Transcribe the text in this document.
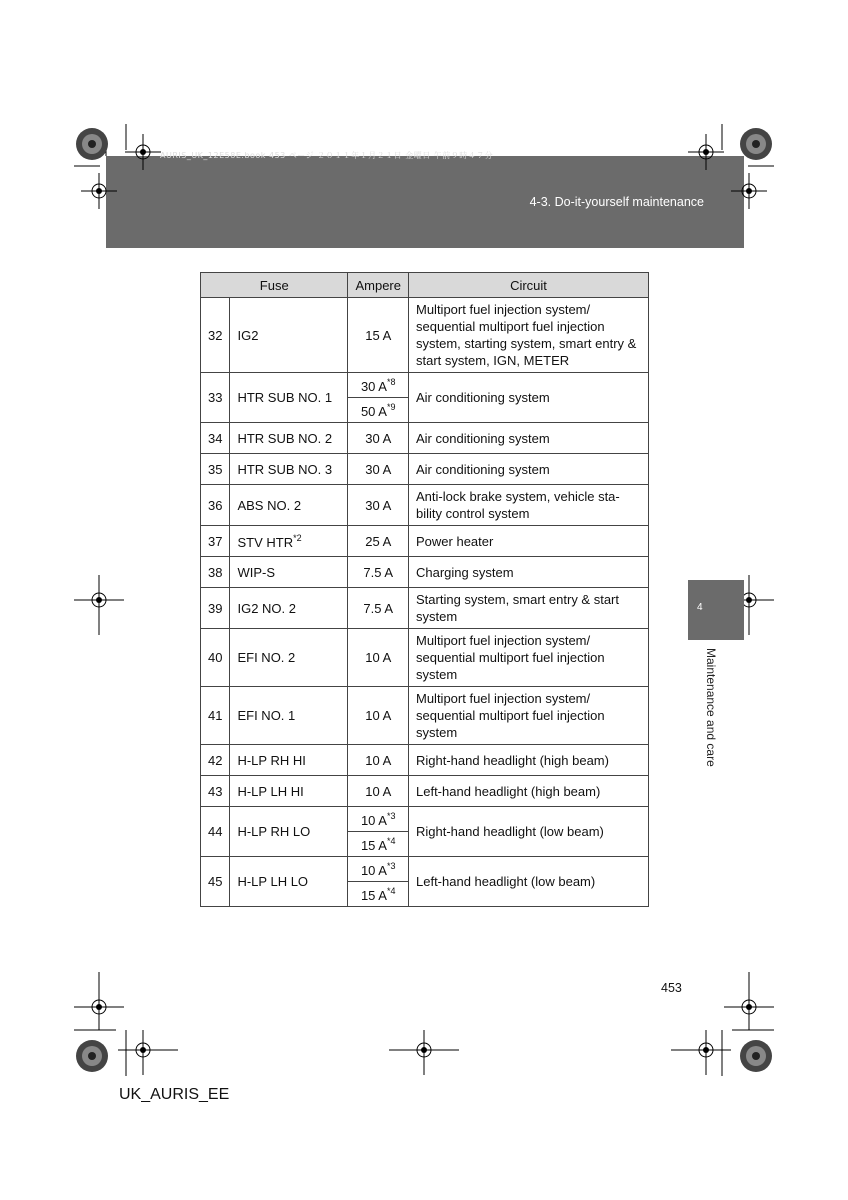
4-3. Do-it-yourself maintenance
AURIS_UK_12E58E.book 453 ページ ２０１１年１月２１日 金曜日 午前９時４７分
Fuse		Ampere	Circuit
32	IG2	15 A	Multiport fuel injection system/ sequential multiport fuel injection system, starting system, smart entry & start system, IGN, METER
33	HTR SUB NO. 1	30 $A^{*8}$	Air conditioning system
		50 $A^{*9}$
34	HTR SUB NO. 2	30 A	Air conditioning system
35	HTR SUB NO. 3	30 A	Air conditioning system
36	ABS NO. 2	30 A	Anti-lock brake system, vehicle sta-bility control system
37	STV HTR$^{*2}$	25 A	Power heater
38	WIP-S	7.5 A	Charging system
39	IG2 NO. 2	7.5 A	Starting system, smart entry & start system
40	EFI NO. 2	10 A	Multiport fuel injection system/ sequential multiport fuel injection system
41	EFI NO. 1	10 A	Multiport fuel injection system/ sequential multiport fuel injection system
42	H-LP RH HI	10 A	Right-hand headlight (high beam)
43	H-LP LH HI	10 A	Left-hand headlight (high beam)
44	H-LP RH LO	10 $A^{*3}$	Right-hand headlight (low beam)
		15 $A^{*4}$
45	H-LP LH LO	10 $A^{*3}$	Left-hand headlight (low beam)
		15 $A^{*4}$
4
Maintenance and care
453
UK_AURIS_EE
